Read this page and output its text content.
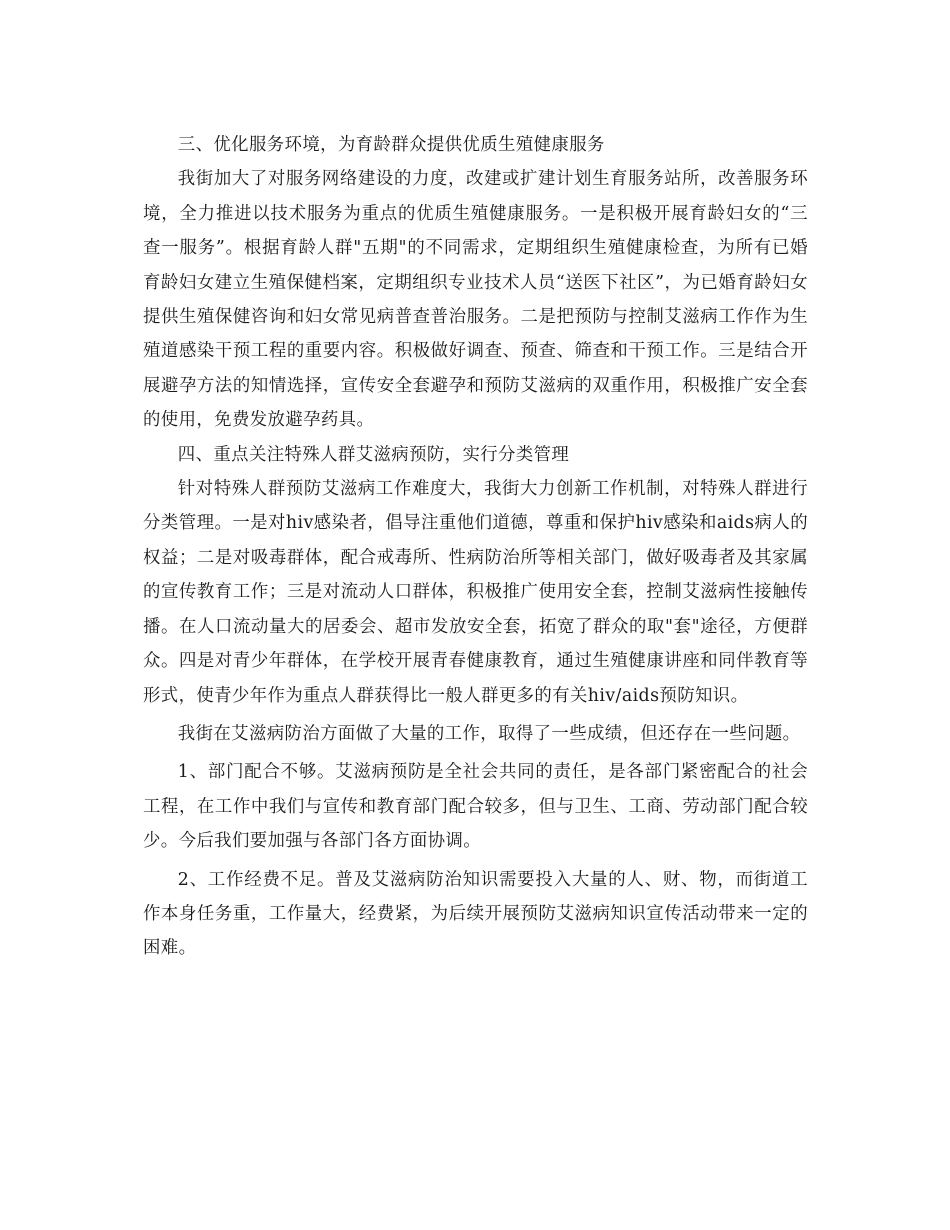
三、优化服务环境，为育龄群众提供优质生殖健康服务

我街加大了对服务网络建设的力度，改建或扩建计划生育服务站所，改善服务环境，全力推进以技术服务为重点的优质生殖健康服务。一是积极开展育龄妇女的“三查一服务”。根据育龄人群"五期"的不同需求，定期组织生殖健康检查，为所有已婚育龄妇女建立生殖保健档案，定期组织专业技术人员“送医下社区”，为已婚育龄妇女提供生殖保健咨询和妇女常见病普查普治服务。二是把预防与控制艾滋病工作作为生殖道感染干预工程的重要内容。积极做好调查、预查、筛查和干预工作。三是结合开展避孕方法的知情选择，宣传安全套避孕和预防艾滋病的双重作用，积极推广安全套的使用，免费发放避孕药具。

四、重点关注特殊人群艾滋病预防，实行分类管理

针对特殊人群预防艾滋病工作难度大，我街大力创新工作机制，对特殊人群进行分类管理。一是对hiv感染者，倡导注重他们道德，尊重和保护hiv感染和aids病人的权益；二是对吸毒群体，配合戒毒所、性病防治所等相关部门，做好吸毒者及其家属的宣传教育工作；三是对流动人口群体，积极推广使用安全套，控制艾滋病性接触传播。在人口流动量大的居委会、超市发放安全套，拓宽了群众的取"套"途径，方便群众。四是对青少年群体，在学校开展青春健康教育，通过生殖健康讲座和同伴教育等形式，使青少年作为重点人群获得比一般人群更多的有关hiv/aids预防知识。

我街在艾滋病防治方面做了大量的工作，取得了一些成绩，但还存在一些问题。

1、部门配合不够。艾滋病预防是全社会共同的责任，是各部门紧密配合的社会工程，在工作中我们与宣传和教育部门配合较多，但与卫生、工商、劳动部门配合较少。今后我们要加强与各部门各方面协调。

2、工作经费不足。普及艾滋病防治知识需要投入大量的人、财、物，而街道工作本身任务重，工作量大，经费紧，为后续开展预防艾滋病知识宣传活动带来一定的困难。
